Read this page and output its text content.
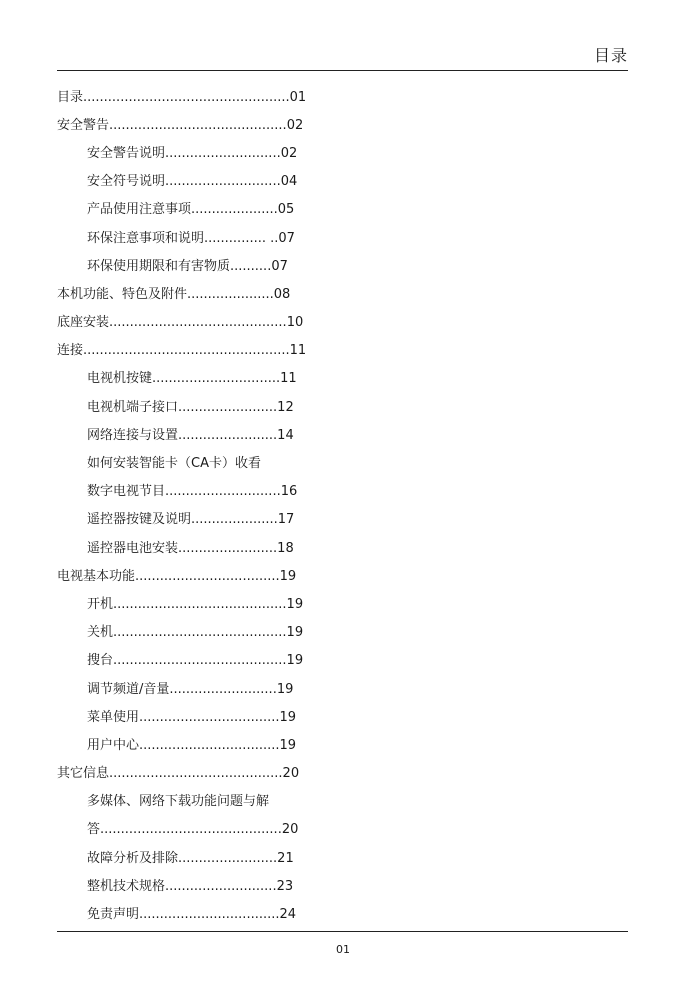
目录
目录..................................................01
安全警告...........................................02
安全警告说明............................02
安全符号说明............................04
产品使用注意事项.....................05
环保注意事项和说明............... ..07
环保使用期限和有害物质..........07
本机功能、特色及附件.....................08
底座安装...........................................10
连接..................................................11
电视机按键...............................11
电视机端子接口........................12
网络连接与设置........................14
如何安装智能卡（CA卡）收看
数字电视节目............................16
遥控器按键及说明.....................17
遥控器电池安装........................18
电视基本功能...................................19
开机..........................................19
关机..........................................19
搜台..........................................19
调节频道/音量..........................19
菜单使用..................................19
用户中心..................................19
其它信息..........................................20
多媒体、网络下载功能问题与解
答............................................20
故障分析及排除........................21
整机技术规格...........................23
免责声明..................................24
01
